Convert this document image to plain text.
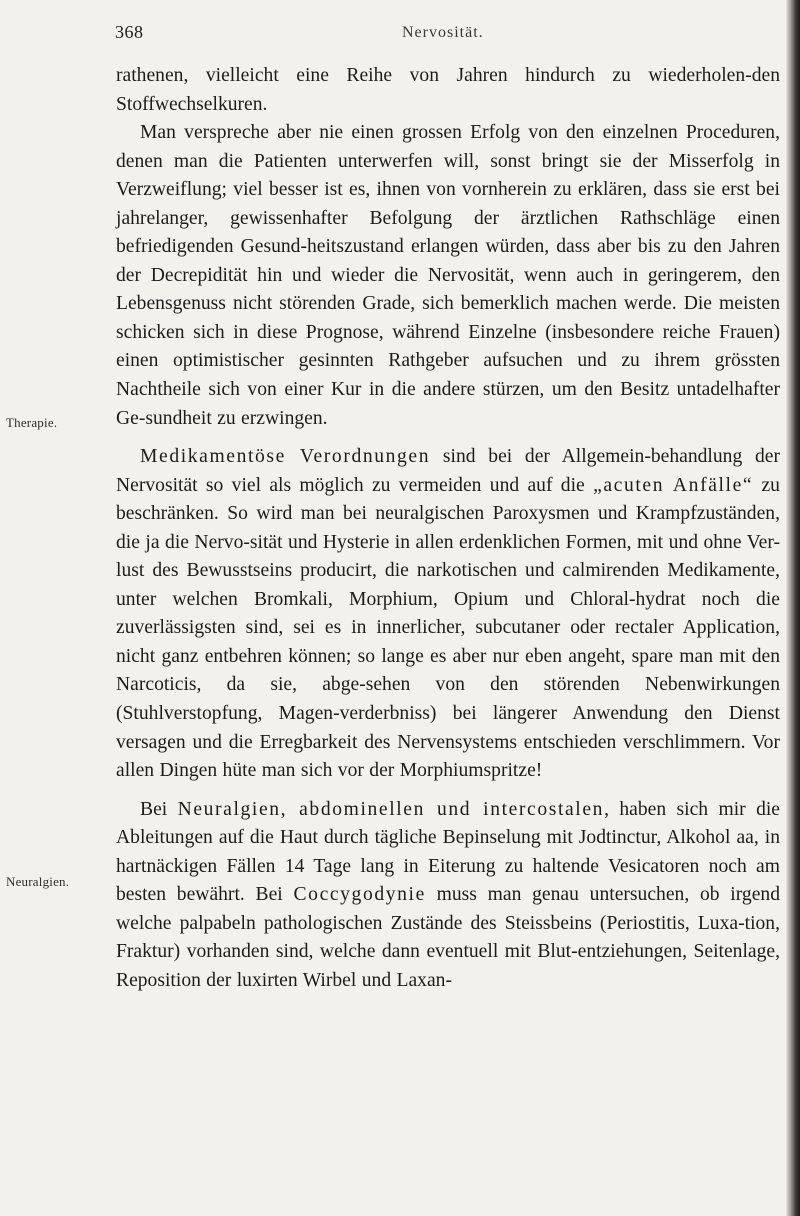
368	Nervosität.
Therapie.
Neuralgien.

rathenen, vielleicht eine Reihe von Jahren hindurch zu wiederholen-den Stoffwechselkuren.

Man verspreche aber nie einen grossen Erfolg von den einzelnen Proceduren, denen man die Patienten unterwerfen will, sonst bringt sie der Misserfolg in Verzweiflung; viel besser ist es, ihnen von vornherein zu erklären, dass sie erst bei jahrelanger, gewissenhafter Befolgung der ärztlichen Rathschläge einen befriedigenden Gesund-heitszustand erlangen würden, dass aber bis zu den Jahren der Decrepidität hin und wieder die Nervosität, wenn auch in geringerem, den Lebensgenuss nicht störenden Grade, sich bemerklich machen werde. Die meisten schicken sich in diese Prognose, während Einzelne (insbesondere reiche Frauen) einen optimistischer gesinnten Rathgeber aufsuchen und zu ihrem grössten Nachtheile sich von einer Kur in die andere stürzen, um den Besitz untadelhafter Ge-sundheit zu erzwingen.

Medikamentöse Verordnungen sind bei der Allgemein-behandlung der Nervosität so viel als möglich zu vermeiden und auf die „acuten Anfälle“ zu beschränken. So wird man bei neuralgischen Paroxysmen und Krampfzuständen, die ja die Nervo-sität und Hysterie in allen erdenklichen Formen, mit und ohne Ver-lust des Bewusstseins producirt, die narkotischen und calmirenden Medikamente, unter welchen Bromkali, Morphium, Opium und Chloral-hydrat noch die zuverlässigsten sind, sei es in innerlicher, subcutaner oder rectaler Application, nicht ganz entbehren können; so lange es aber nur eben angeht, spare man mit den Narcoticis, da sie, abge-sehen von den störenden Nebenwirkungen (Stuhlverstopfung, Magen-verderbniss) bei längerer Anwendung den Dienst versagen und die Erregbarkeit des Nervensystems entschieden verschlimmern. Vor allen Dingen hüte man sich vor der Morphiumspritze!

Bei Neuralgien, abdominellen und intercostalen, haben sich mir die Ableitungen auf die Haut durch tägliche Bepinselung mit Jodtinctur, Alkohol aa, in hartnäckigen Fällen 14 Tage lang in Eiterung zu haltende Vesicatoren noch am besten bewährt. Bei Coccygodynie muss man genau untersuchen, ob irgend welche palpabeln pathologischen Zustände des Steissbeins (Periostitis, Luxa-tion, Fraktur) vorhanden sind, welche dann eventuell mit Blut-entziehungen, Seitenlage, Reposition der luxirten Wirbel und Laxan-
